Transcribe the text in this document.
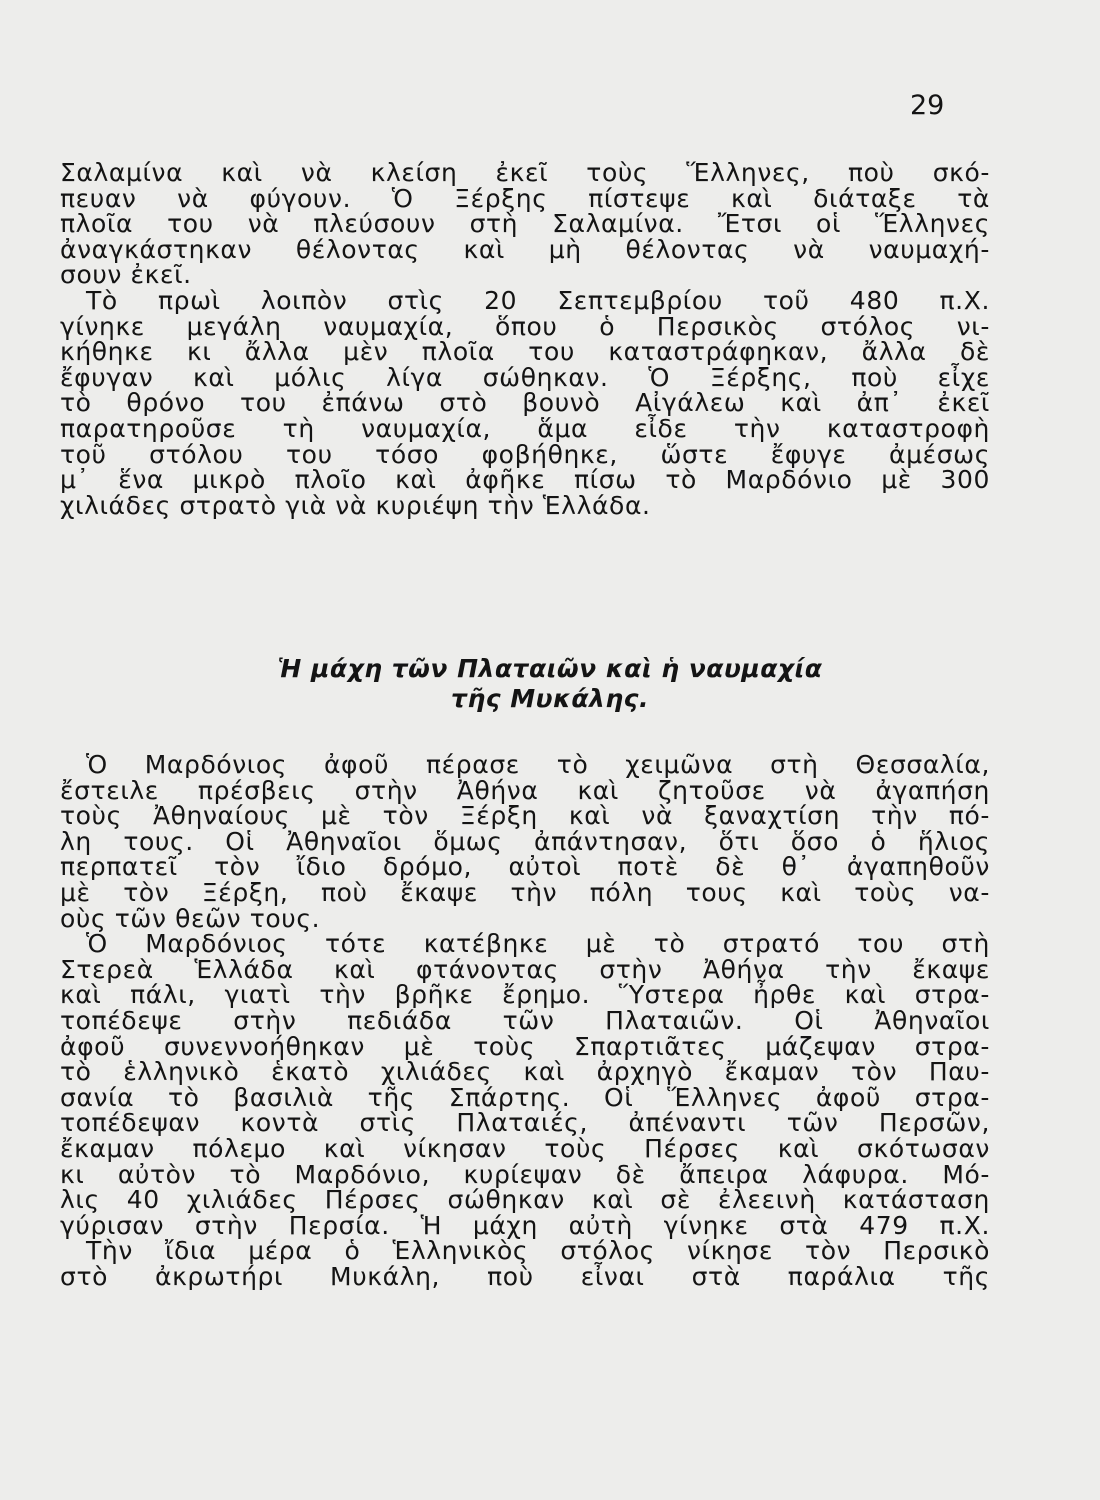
29
Σαλαμίνα καὶ νὰ κλείση ἐκεῖ τοὺς Ἕλληνες, ποὺ σκό-
πευαν νὰ φύγουν. Ὁ Ξέρξης πίστεψε καὶ διάταξε τὰ
πλοῖα του νὰ πλεύσουν στὴ Σαλαμίνα. Ἔτσι οἱ Ἕλληνες
ἀναγκάστηκαν θέλοντας καὶ μὴ θέλοντας νὰ ναυμαχή-
σουν ἐκεῖ.
Τὸ πρωὶ λοιπὸν στὶς 20 Σεπτεμβρίου τοῦ 480 π.Χ.
γίνηκε μεγάλη ναυμαχία, ὅπου ὁ Περσικὸς στόλος νι-
κήθηκε κι ἄλλα μὲν πλοῖα του καταστράφηκαν, ἄλλα δὲ
ἔφυγαν καὶ μόλις λίγα σώθηκαν. Ὁ Ξέρξης, ποὺ εἶχε
τὸ θρόνο του ἐπάνω στὸ βουνὸ Αἰγάλεω καὶ ἀπ᾽ ἐκεῖ
παρατηροῦσε τὴ ναυμαχία, ἅμα εἶδε τὴν καταστροφὴ
τοῦ στόλου του τόσο φοβήθηκε, ὥστε ἔφυγε ἀμέσως
μ᾽ ἕνα μικρὸ πλοῖο καὶ ἀφῆκε πίσω τὸ Μαρδόνιο μὲ 300
χιλιάδες στρατὸ γιὰ νὰ κυριέψη τὴν Ἑλλάδα.
Ἡ μάχη τῶν Πλαταιῶν καὶ ἡ ναυμαχία
τῆς Μυκάλης.
Ὁ Μαρδόνιος ἀφοῦ πέρασε τὸ χειμῶνα στὴ Θεσσαλία,
ἔστειλε πρέσβεις στὴν Ἀθήνα καὶ ζητοῦσε νὰ ἀγαπήση
τοὺς Ἀθηναίους μὲ τὸν Ξέρξη καὶ νὰ ξαναχτίση τὴν πό-
λη τους. Οἱ Ἀθηναῖοι ὅμως ἀπάντησαν, ὅτι ὅσο ὁ ἥλιος
περπατεῖ τὸν ἴδιο δρόμο, αὐτοὶ ποτὲ δὲ θ᾽ ἀγαπηθοῦν
μὲ τὸν Ξέρξη, ποὺ ἔκαψε τὴν πόλη τους καὶ τοὺς να-
οὺς τῶν θεῶν τους.
Ὁ Μαρδόνιος τότε κατέβηκε μὲ τὸ στρατό του στὴ
Στερεὰ Ἑλλάδα καὶ φτάνοντας στὴν Ἀθήνα τὴν ἔκαψε
καὶ πάλι, γιατὶ τὴν βρῆκε ἔρημο. Ὕστερα ἦρθε καὶ στρα-
τοπέδεψε στὴν πεδιάδα τῶν Πλαταιῶν. Οἱ Ἀθηναῖοι
ἀφοῦ συνεννοήθηκαν μὲ τοὺς Σπαρτιᾶτες μάζεψαν στρα-
τὸ ἑλληνικὸ ἑκατὸ χιλιάδες καὶ ἀρχηγὸ ἔκαμαν τὸν Παυ-
σανία τὸ βασιλιὰ τῆς Σπάρτης. Οἱ Ἕλληνες ἀφοῦ στρα-
τοπέδεψαν κοντὰ στὶς Πλαταιές, ἀπέναντι τῶν Περσῶν,
ἔκαμαν πόλεμο καὶ νίκησαν τοὺς Πέρσες καὶ σκότωσαν
κι αὐτὸν τὸ Μαρδόνιο, κυρίεψαν δὲ ἄπειρα λάφυρα. Μό-
λις 40 χιλιάδες Πέρσες σώθηκαν καὶ σὲ ἐλεεινὴ κατάσταση
γύρισαν στὴν Περσία. Ἡ μάχη αὐτὴ γίνηκε στὰ 479 π.Χ.
Τὴν ἴδια μέρα ὁ Ἑλληνικὸς στόλος νίκησε τὸν Περσικὸ
στὸ ἀκρωτήρι Μυκάλη, ποὺ εἶναι στὰ παράλια τῆς
